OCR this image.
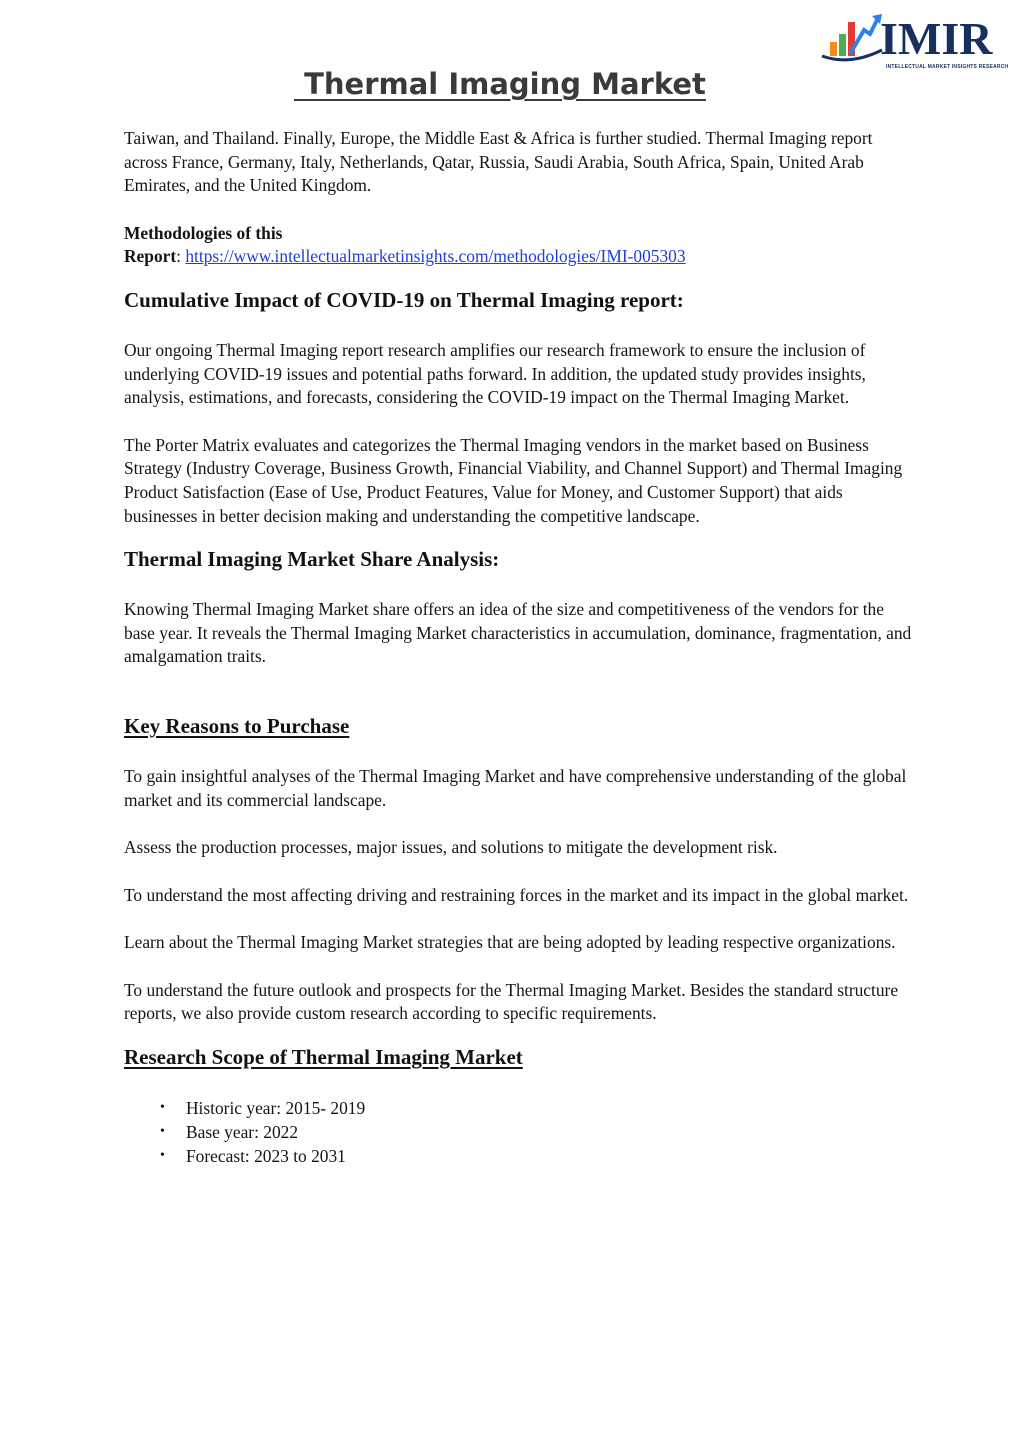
IMIR
INTELLECTUAL MARKET INSIGHTS RESEARCH
Thermal Imaging Market

Taiwan, and Thailand. Finally, Europe, the Middle East & Africa is further studied. Thermal Imaging report across France, Germany, Italy, Netherlands, Qatar, Russia, Saudi Arabia, South Africa, Spain, United Arab Emirates, and the United Kingdom.

Methodologies of this
Report: https://www.intellectualmarketinsights.com/methodologies/IMI-005303

Cumulative Impact of COVID-19 on Thermal Imaging report:

Our ongoing Thermal Imaging report research amplifies our research framework to ensure the inclusion of underlying COVID-19 issues and potential paths forward. In addition, the updated study provides insights, analysis, estimations, and forecasts, considering the COVID-19 impact on the Thermal Imaging Market.

The Porter Matrix evaluates and categorizes the Thermal Imaging vendors in the market based on Business Strategy (Industry Coverage, Business Growth, Financial Viability, and Channel Support) and Thermal Imaging Product Satisfaction (Ease of Use, Product Features, Value for Money, and Customer Support) that aids businesses in better decision making and understanding the competitive landscape.

Thermal Imaging Market Share Analysis:

Knowing Thermal Imaging Market share offers an idea of the size and competitiveness of the vendors for the base year. It reveals the Thermal Imaging Market characteristics in accumulation, dominance, fragmentation, and amalgamation traits.

Key Reasons to Purchase

To gain insightful analyses of the Thermal Imaging Market and have comprehensive understanding of the global market and its commercial landscape.

Assess the production processes, major issues, and solutions to mitigate the development risk.

To understand the most affecting driving and restraining forces in the market and its impact in the global market.

Learn about the Thermal Imaging Market strategies that are being adopted by leading respective organizations.

To understand the future outlook and prospects for the Thermal Imaging Market. Besides the standard structure reports, we also provide custom research according to specific requirements.

Research Scope of Thermal Imaging Market
• Historic year: 2015- 2019
• Base year: 2022
• Forecast: 2023 to 2031
